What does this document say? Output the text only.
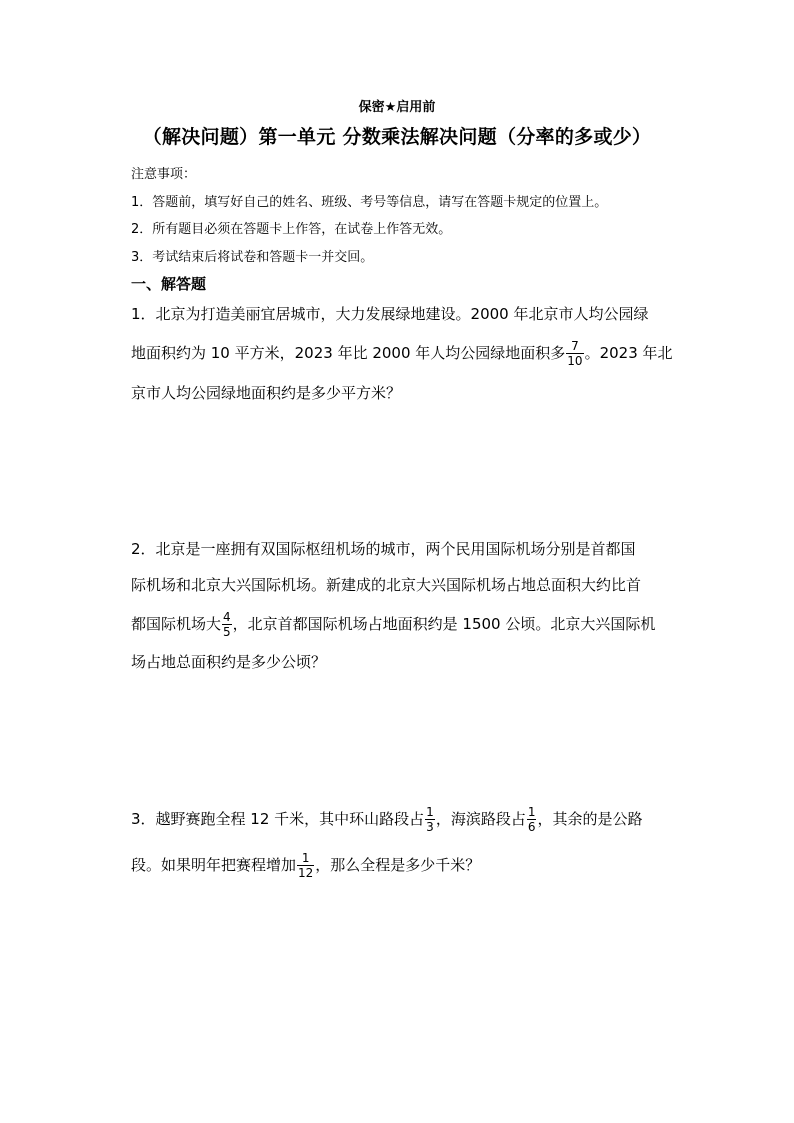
保密★启用前
（解决问题）第一单元 分数乘法解决问题（分率的多或少）
注意事项：
1．答题前，填写好自己的姓名、班级、考号等信息，请写在答题卡规定的位置上。
2．所有题目必须在答题卡上作答，在试卷上作答无效。
3．考试结束后将试卷和答题卡一并交回。
一、解答题
1．北京为打造美丽宜居城市，大力发展绿地建设。2000 年北京市人均公园绿
地面积约为 10 平方米，2023 年比 2000 年人均公园绿地面积多 $\frac{7}{10}$ 。2023 年北
京市人均公园绿地面积约是多少平方米？
2．北京是一座拥有双国际枢纽机场的城市，两个民用国际机场分别是首都国
际机场和北京大兴国际机场。新建成的北京大兴国际机场占地总面积大约比首
都国际机场大 $\frac{4}{5}$ ，北京首都国际机场占地面积约是 1500 公顷。北京大兴国际机
场占地总面积约是多少公顷？
3．越野赛跑全程 12 千米，其中环山路段占 $\frac{1}{3}$ ，海滨路段占 $\frac{1}{6}$ ，其余的是公路
段。如果明年把赛程增加 $\frac{1}{12}$ ，那么全程是多少千米？
